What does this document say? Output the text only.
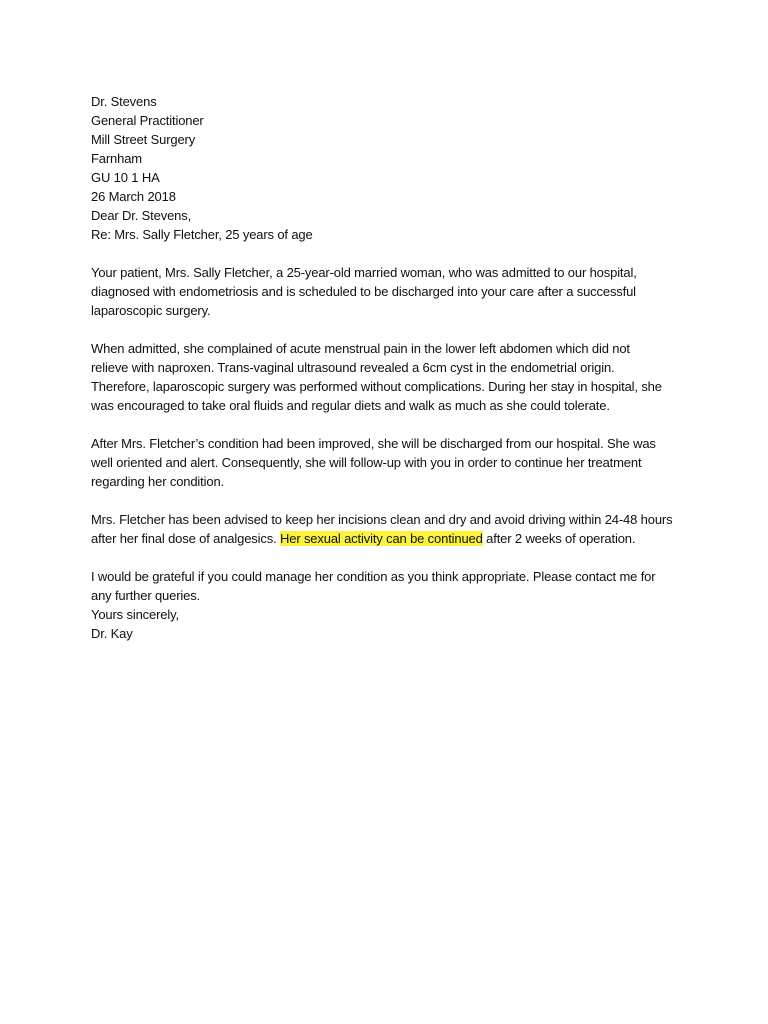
Dr. Stevens

General Practitioner

Mill Street Surgery

Farnham

GU 10 1 HA

26 March 2018

Dear Dr. Stevens,

Re: Mrs. Sally Fletcher, 25 years of age

Your patient, Mrs. Sally Fletcher, a 25-year-old married woman, who was admitted to our hospital,

diagnosed with endometriosis and is scheduled to be discharged into your care after a successful

laparoscopic surgery.

When admitted, she complained of acute menstrual pain in the lower left abdomen which did not

relieve with naproxen. Trans-vaginal ultrasound revealed a 6cm cyst in the endometrial origin.

Therefore, laparoscopic surgery was performed without complications. During her stay in hospital, she

was encouraged to take oral fluids and regular diets and walk as much as she could tolerate.

After Mrs. Fletcher’s condition had been improved, she will be discharged from our hospital. She was

well oriented and alert. Consequently, she will follow-up with you in order to continue her treatment

regarding her condition.

Mrs. Fletcher has been advised to keep her incisions clean and dry and avoid driving within 24-48 hours

after her final dose of analgesics. Her sexual activity can be continued after 2 weeks of operation.

I would be grateful if you could manage her condition as you think appropriate. Please contact me for

any further queries.

Yours sincerely,

Dr. Kay
